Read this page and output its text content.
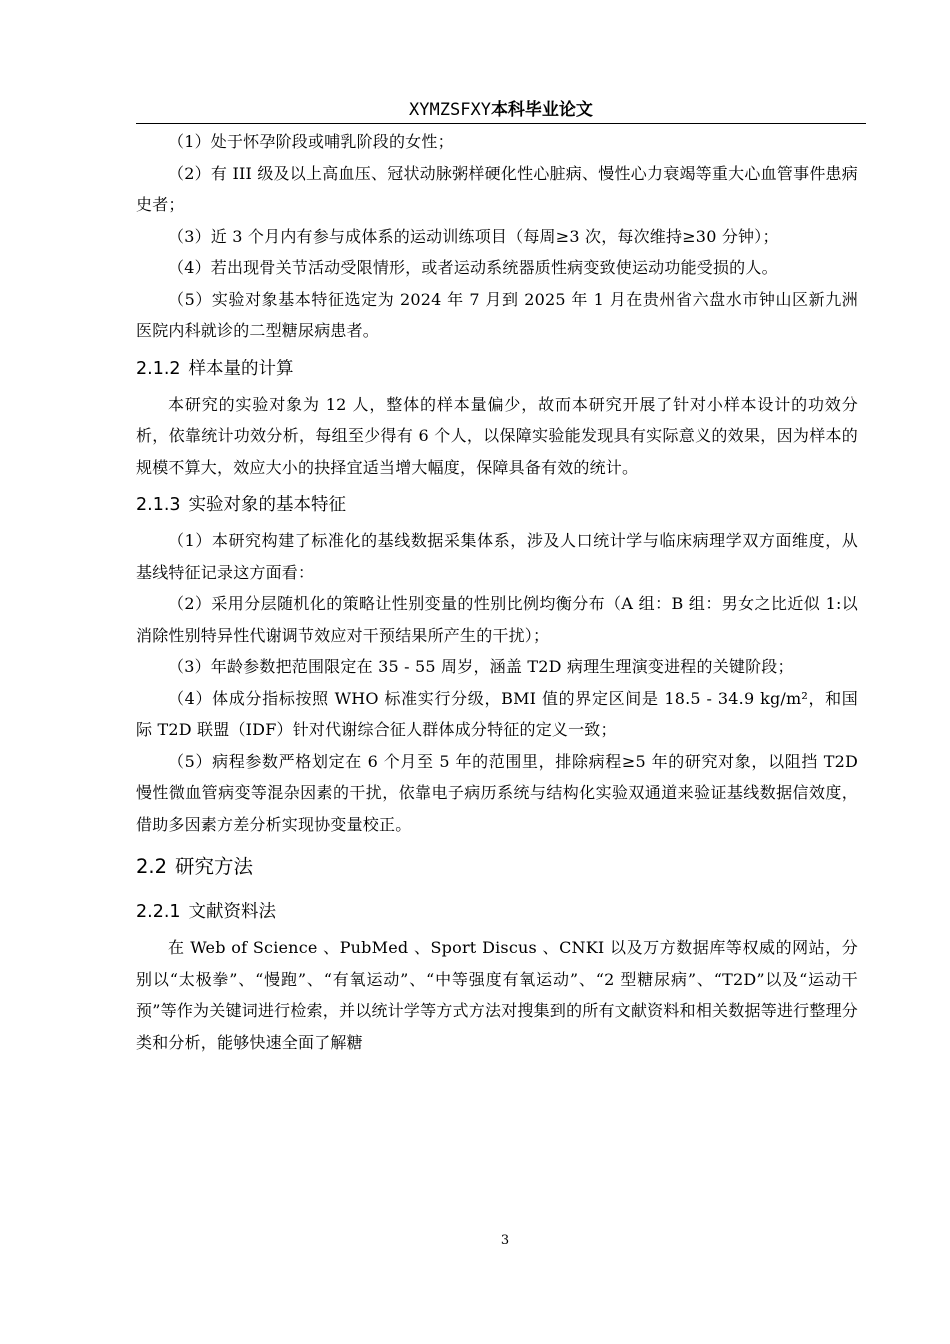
XYMZSFXY本科毕业论文

（1）处于怀孕阶段或哺乳阶段的女性；

（2）有 III 级及以上高血压、冠状动脉粥样硬化性心脏病、慢性心力衰竭等重大心血管事件患病史者；

（3）近 3 个月内有参与成体系的运动训练项目（每周≥3 次，每次维持≥30 分钟）；

（4）若出现骨关节活动受限情形，或者运动系统器质性病变致使运动功能受损的人。

（5）实验对象基本特征选定为 2024 年 7 月到 2025 年 1 月在贵州省六盘水市钟山区新九洲医院内科就诊的二型糖尿病患者。

2.1.2 样本量的计算

本研究的实验对象为 12 人，整体的样本量偏少，故而本研究开展了针对小样本设计的功效分析，依靠统计功效分析，每组至少得有 6 个人，以保障实验能发现具有实际意义的效果，因为样本的规模不算大，效应大小的抉择宜适当增大幅度，保障具备有效的统计。

2.1.3 实验对象的基本特征

（1）本研究构建了标准化的基线数据采集体系，涉及人口统计学与临床病理学双方面维度，从基线特征记录这方面看：

（2）采用分层随机化的策略让性别变量的性别比例均衡分布（A 组：B 组：男女之比近似 1:以消除性别特异性代谢调节效应对干预结果所产生的干扰）；

（3）年龄参数把范围限定在 35 - 55 周岁，涵盖 T2D 病理生理演变进程的关键阶段；

（4）体成分指标按照 WHO 标准实行分级，BMI 值的界定区间是 18.5 - 34.9 kg/m²，和国际 T2D 联盟（IDF）针对代谢综合征人群体成分特征的定义一致；

（5）病程参数严格划定在 6 个月至 5 年的范围里，排除病程≥5 年的研究对象，以阻挡 T2D 慢性微血管病变等混杂因素的干扰，依靠电子病历系统与结构化实验双通道来验证基线数据信效度，借助多因素方差分析实现协变量校正。

2.2 研究方法
2.2.1 文献资料法

在 Web of Science 、PubMed 、Sport Discus 、CNKI 以及万方数据库等权威的网站，分别以“太极拳”、“慢跑”、“有氧运动”、“中等强度有氧运动”、“2 型糖尿病”、“T2D”以及“运动干预”等作为关键词进行检索，并以统计学等方式方法对搜集到的所有文献资料和相关数据等进行整理分类和分析，能够快速全面了解糖

3
